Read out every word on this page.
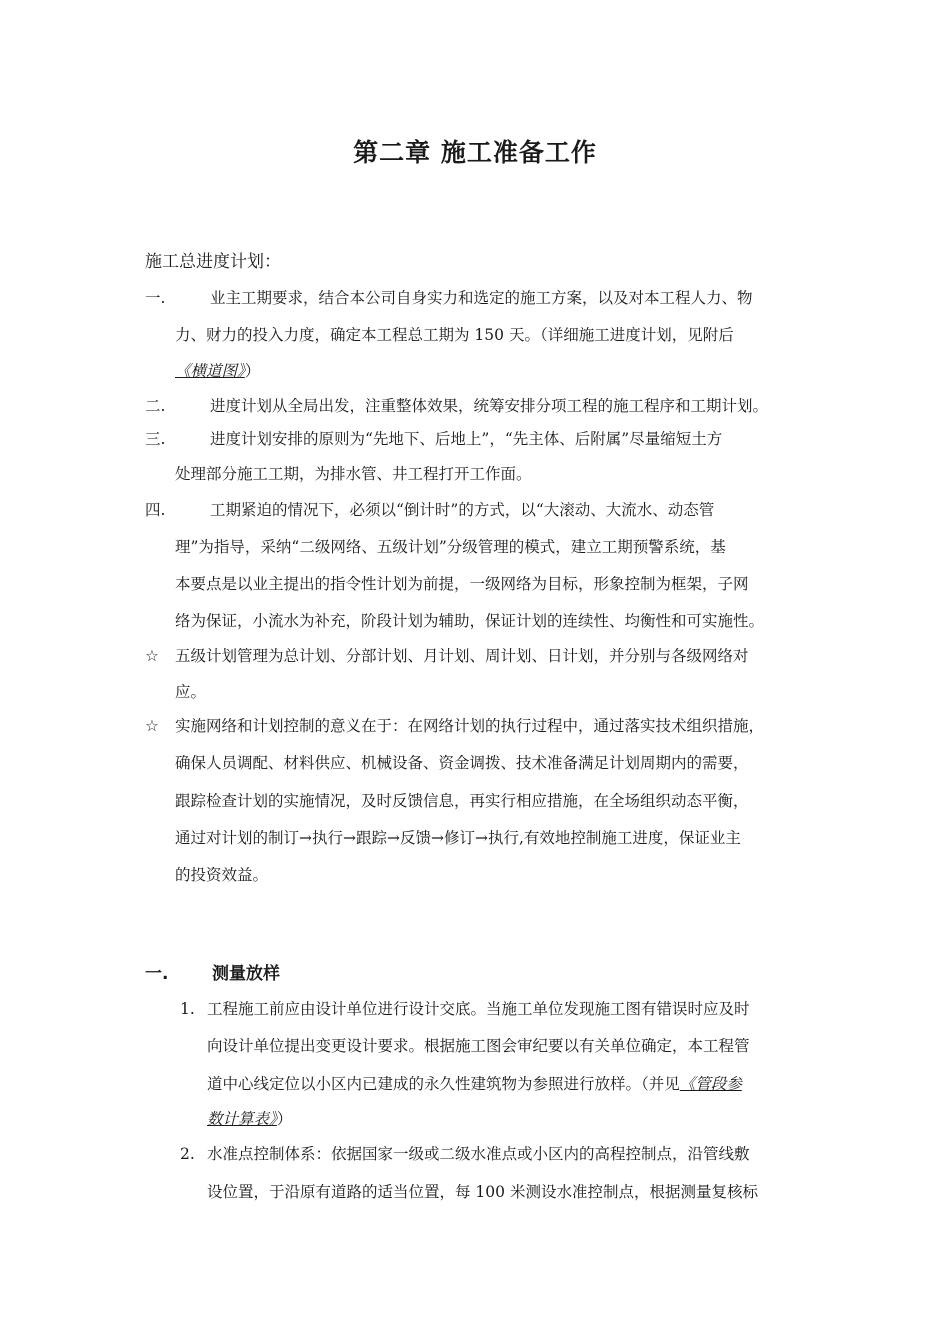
第二章 施工准备工作
施工总进度计划：
一.	业主工期要求，结合本公司自身实力和选定的施工方案，以及对本工程人力、物
力、财力的投入力度，确定本工程总工期为 150 天。（详细施工进度计划，见附后
《横道图》）
二.	进度计划从全局出发，注重整体效果，统筹安排分项工程的施工程序和工期计划。
三.	进度计划安排的原则为“先地下、后地上”，“先主体、后附属”尽量缩短土方
处理部分施工工期，为排水管、井工程打开工作面。
四.	工期紧迫的情况下，必须以“倒计时”的方式，以“大滚动、大流水、动态管
理”为指导，采纳“二级网络、五级计划”分级管理的模式，建立工期预警系统，基
本要点是以业主提出的指令性计划为前提，一级网络为目标，形象控制为框架，子网
络为保证，小流水为补充，阶段计划为辅助，保证计划的连续性、均衡性和可实施性。
☆ 五级计划管理为总计划、分部计划、月计划、周计划、日计划，并分别与各级网络对
应。
☆ 实施网络和计划控制的意义在于：在网络计划的执行过程中，通过落实技术组织措施，
确保人员调配、材料供应、机械设备、资金调拨、技术准备满足计划周期内的需要，
跟踪检查计划的实施情况，及时反馈信息，再实行相应措施，在全场组织动态平衡，
通过对计划的制订→执行→跟踪→反馈→修订→执行,有效地控制施工进度，保证业主
的投资效益。
一.	测量放样
1. 工程施工前应由设计单位进行设计交底。当施工单位发现施工图有错误时应及时
向设计单位提出变更设计要求。根据施工图会审纪要以有关单位确定，本工程管
道中心线定位以小区内已建成的永久性建筑物为参照进行放样。（并见《管段参
数计算表》）
2. 水准点控制体系：依据国家一级或二级水准点或小区内的高程控制点，沿管线敷
设位置，于沿原有道路的适当位置，每 100 米测设水准控制点，根据测量复核标
